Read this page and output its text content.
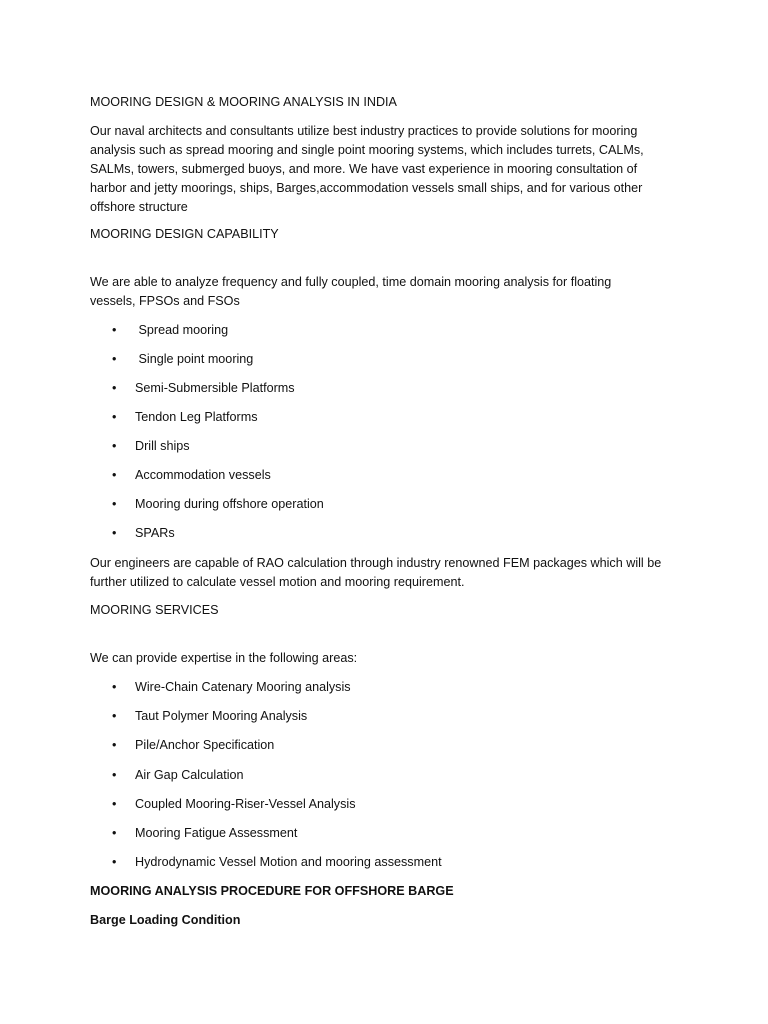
MOORING DESIGN & MOORING ANALYSIS IN INDIA

Our naval architects and consultants utilize best industry practices to provide solutions for mooring analysis such as spread mooring and single point mooring systems, which includes turrets, CALMs, SALMs, towers, submerged buoys, and more. We have vast experience in mooring consultation of harbor and jetty moorings, ships, Barges,accommodation vessels small ships, and for various other offshore structure

MOORING DESIGN CAPABILITY

We are able to analyze frequency and fully coupled, time domain mooring analysis for floating vessels, FPSOs and FSOs

• Spread mooring
• Single point mooring
• Semi-Submersible Platforms
• Tendon Leg Platforms
• Drill ships
• Accommodation vessels
• Mooring during offshore operation
• SPARs

Our engineers are capable of RAO calculation through industry renowned FEM packages which will be further utilized to calculate vessel motion and mooring requirement.

MOORING SERVICES

We can provide expertise in the following areas:

• Wire-Chain Catenary Mooring analysis
• Taut Polymer Mooring Analysis
• Pile/Anchor Specification
• Air Gap Calculation
• Coupled Mooring-Riser-Vessel Analysis
• Mooring Fatigue Assessment
• Hydrodynamic Vessel Motion and mooring assessment

MOORING ANALYSIS PROCEDURE FOR OFFSHORE BARGE

Barge Loading Condition
